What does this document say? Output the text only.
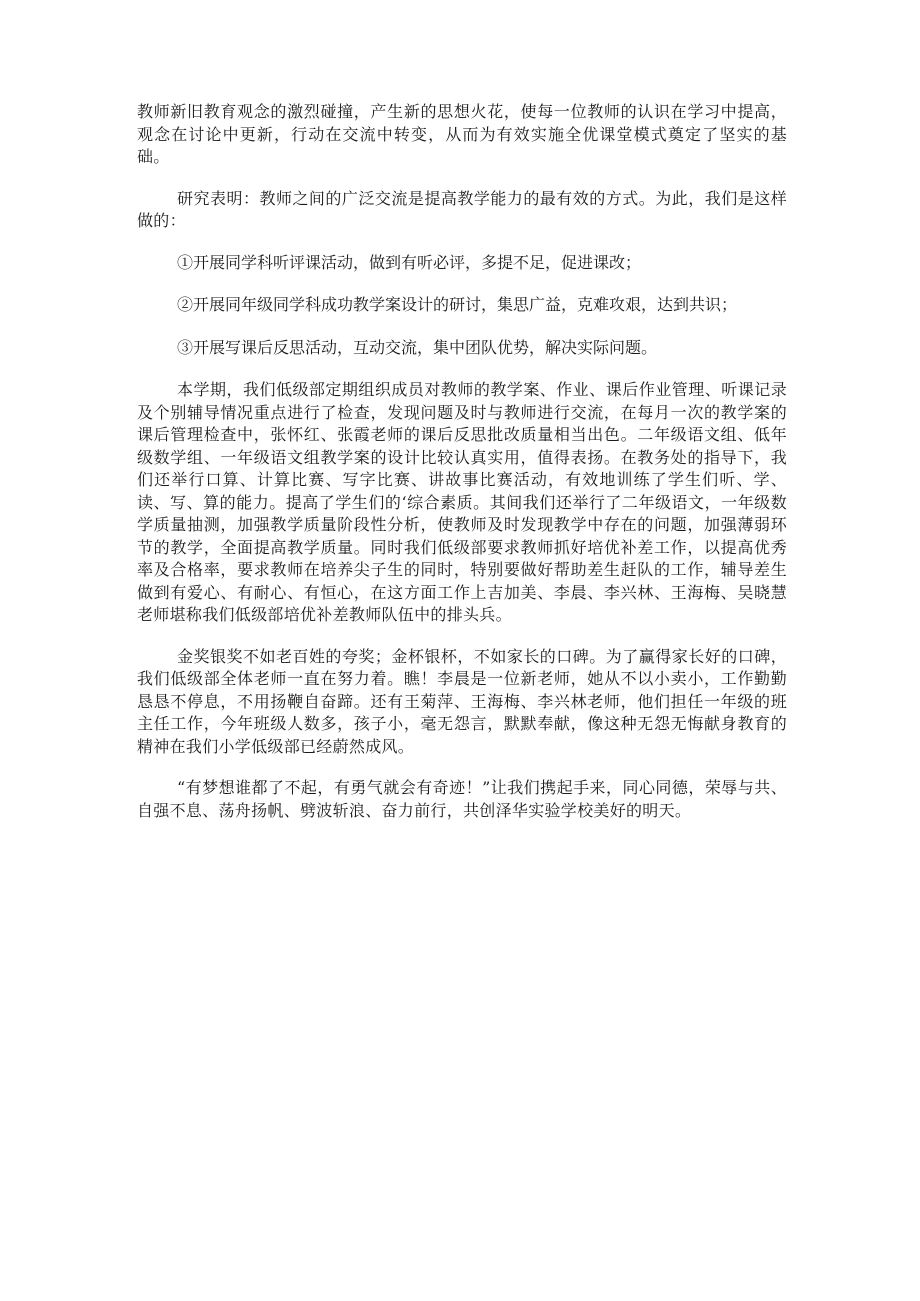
教师新旧教育观念的激烈碰撞，产生新的思想火花，使每一位教师的认识在学习中提高，观念在讨论中更新，行动在交流中转变，从而为有效实施全优课堂模式奠定了坚实的基础。

研究表明：教师之间的广泛交流是提高教学能力的最有效的方式。为此，我们是这样做的：

①开展同学科听评课活动，做到有听必评，多提不足，促进课改；

②开展同年级同学科成功教学案设计的研讨，集思广益，克难攻艰，达到共识；

③开展写课后反思活动，互动交流，集中团队优势，解决实际问题。

本学期，我们低级部定期组织成员对教师的教学案、作业、课后作业管理、听课记录及个别辅导情况重点进行了检查，发现问题及时与教师进行交流，在每月一次的教学案的课后管理检查中，张怀红、张霞老师的课后反思批改质量相当出色。二年级语文组、低年级数学组、一年级语文组教学案的设计比较认真实用，值得表扬。在教务处的指导下，我们还举行口算、计算比赛、写字比赛、讲故事比赛活动，有效地训练了学生们听、学、读、写、算的能力。提高了学生们的‘综合素质。其间我们还举行了二年级语文，一年级数学质量抽测，加强教学质量阶段性分析，使教师及时发现教学中存在的问题，加强薄弱环节的教学，全面提高教学质量。同时我们低级部要求教师抓好培优补差工作，以提高优秀率及合格率，要求教师在培养尖子生的同时，特别要做好帮助差生赶队的工作，辅导差生做到有爱心、有耐心、有恒心，在这方面工作上吉加美、李晨、李兴林、王海梅、吴晓慧老师堪称我们低级部培优补差教师队伍中的排头兵。

金奖银奖不如老百姓的夸奖；金杯银杯，不如家长的口碑。为了赢得家长好的口碑，我们低级部全体老师一直在努力着。瞧！李晨是一位新老师，她从不以小卖小，工作勤勤恳恳不停息，不用扬鞭自奋蹄。还有王菊萍、王海梅、李兴林老师，他们担任一年级的班主任工作，今年班级人数多，孩子小，毫无怨言，默默奉献，像这种无怨无悔献身教育的精神在我们小学低级部已经蔚然成风。

“有梦想谁都了不起，有勇气就会有奇迹！”让我们携起手来，同心同德，荣辱与共、自强不息、荡舟扬帆、劈波斩浪、奋力前行，共创泽华实验学校美好的明天。
